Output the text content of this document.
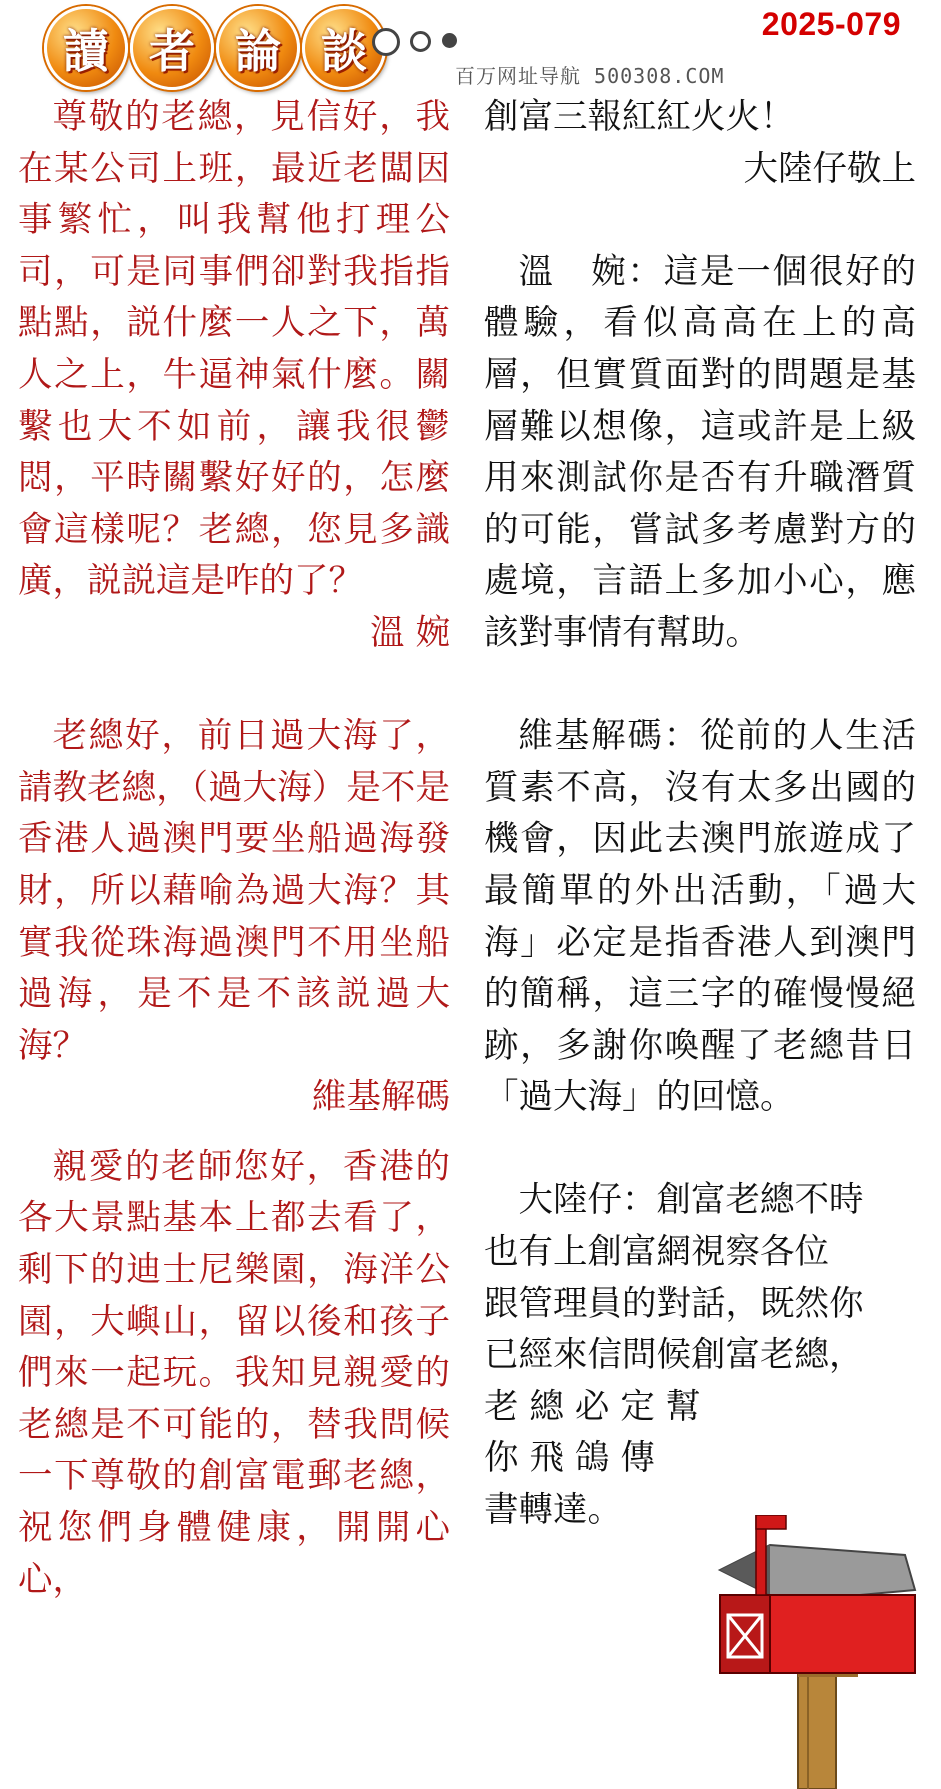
讀 者 論 談	2025-079
百万网址导航 500308.COM

尊敬的老總，見信好，我在某公司上班，最近老闆因事繁忙，叫我幫他打理公司，可是同事們卻對我指指點點，説什麼一人之下，萬人之上，牛逼神氣什麼。關繫也大不如前，讓我很鬱悶，平時關繫好好的，怎麼會這樣呢？老總，您見多識廣，説説這是咋的了？

溫 婉

老總好，前日過大海了，請教老總，（過大海）是不是香港人過澳門要坐船過海發財，所以藉喻為過大海？其實我從珠海過澳門不用坐船過海，是不是不該説過大海？

維基解碼

親愛的老師您好，香港的各大景點基本上都去看了，剩下的迪士尼樂園，海洋公園，大嶼山，留以後和孩子們來一起玩。我知見親愛的老總是不可能的，替我問候一下尊敬的創富電郵老總，祝您們身體健康，開開心心，

創富三報紅紅火火！

大陸仔敬上

溫　婉：這是一個很好的體驗，看似高高在上的高層，但實質面對的問題是基層難以想像，這或許是上級用來測試你是否有升職潛質的可能，嘗試多考慮對方的處境，言語上多加小心，應該對事情有幫助。

維基解碼：從前的人生活質素不高，沒有太多出國的機會，因此去澳門旅遊成了最簡單的外出活動，「過大海」必定是指香港人到澳門的簡稱，這三字的確慢慢絕跡，多謝你喚醒了老總昔日「過大海」的回憶。

　大陸仔：創富老總不時
也有上創富網視察各位
跟管理員的對話，既然你
已經來信問候創富老總，
老 總 必 定 幫
你 飛 鴿 傳
書轉達。
